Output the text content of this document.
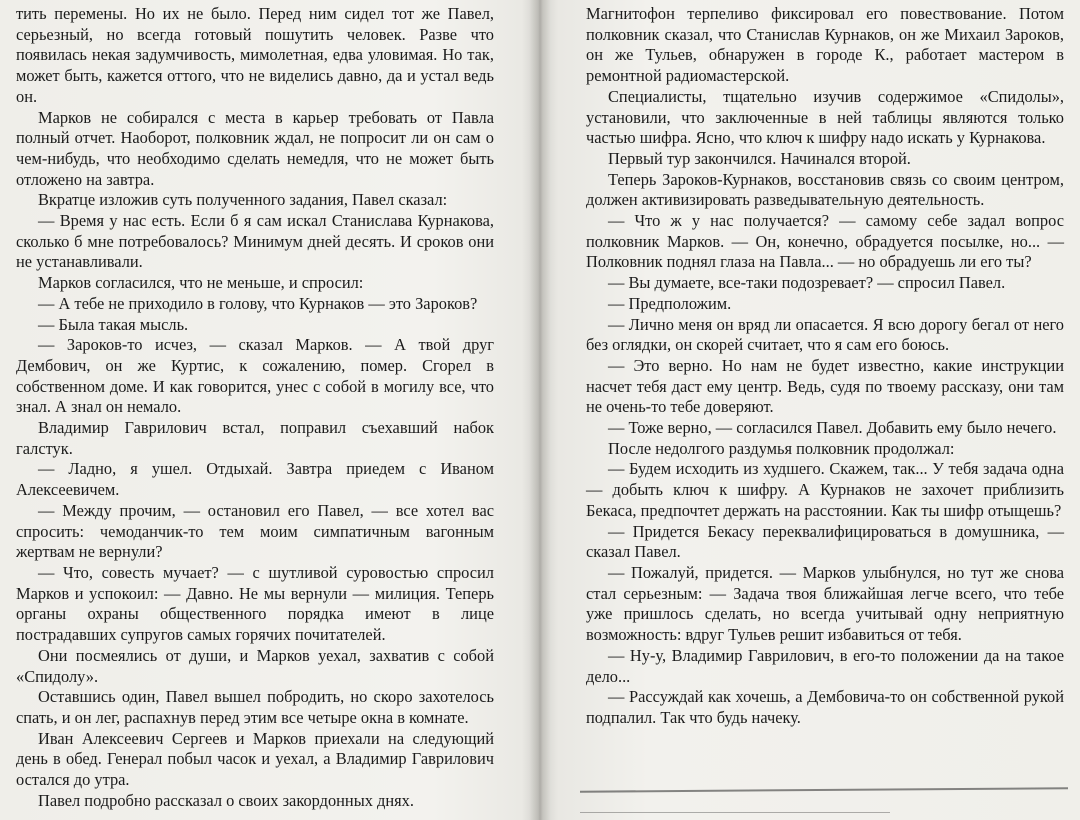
тить перемены. Но их не было. Перед ним сидел тот же Павел, серьезный, но всегда готовый пошутить человек. Разве что появилась некая задумчивость, мимолетная, едва уловимая. Но так, может быть, кажется оттого, что не виделись давно, да и устал ведь он.

Марков не собирался с места в карьер требовать от Павла полный отчет. Наоборот, полковник ждал, не попросит ли он сам о чем-нибудь, что необходимо сделать немедля, что не может быть отложено на завтра.

Вкратце изложив суть полученного задания, Павел сказал:

— Время у нас есть. Если б я сам искал Станислава Курнакова, сколько б мне потребовалось? Минимум дней десять. И сроков они не устанавливали.

Марков согласился, что не меньше, и спросил:

— А тебе не приходило в голову, что Курнаков — это Зароков?

— Была такая мысль.

— Зароков-то исчез, — сказал Марков. — А твой друг Дембович, он же Куртис, к сожалению, помер. Сгорел в собственном доме. И как говорится, унес с собой в могилу все, что знал. А знал он немало.

Владимир Гаврилович встал, поправил съехавший набок галстук.

— Ладно, я ушел. Отдыхай. Завтра приедем с Иваном Алексеевичем.

— Между прочим, — остановил его Павел, — все хотел вас спросить: чемоданчик-то тем моим симпатичным вагонным жертвам не вернули?

— Что, совесть мучает? — с шутливой суровостью спросил Марков и успокоил: — Давно. Не мы вернули — милиция. Теперь органы охраны общественного порядка имеют в лице пострадавших супругов самых горячих почитателей.

Они посмеялись от души, и Марков уехал, захватив с собой «Спидолу».

Оставшись один, Павел вышел побродить, но скоро захотелось спать, и он лег, распахнув перед этим все четыре окна в комнате.

Иван Алексеевич Сергеев и Марков приехали на следующий день в обед. Генерал побыл часок и уехал, а Владимир Гаврилович остался до утра.

Павел подробно рассказал о своих закордонных днях.

Магнитофон терпеливо фиксировал его повествование. Потом полковник сказал, что Станислав Курнаков, он же Михаил Зароков, он же Тульев, обнаружен в городе К., работает мастером в ремонтной радиомастерской.

Специалисты, тщательно изучив содержимое «Спидолы», установили, что заключенные в ней таблицы являются только частью шифра. Ясно, что ключ к шифру надо искать у Курнакова.

Первый тур закончился. Начинался второй.

Теперь Зароков-Курнаков, восстановив связь со своим центром, должен активизировать разведывательную деятельность.

— Что ж у нас получается? — самому себе задал вопрос полковник Марков. — Он, конечно, обрадуется посылке, но... — Полковник поднял глаза на Павла... — но обрадуешь ли его ты?

— Вы думаете, все-таки подозревает? — спросил Павел.

— Предположим.

— Лично меня он вряд ли опасается. Я всю дорогу бегал от него без оглядки, он скорей считает, что я сам его боюсь.

— Это верно. Но нам не будет известно, какие инструкции насчет тебя даст ему центр. Ведь, судя по твоему рассказу, они там не очень-то тебе доверяют.

— Тоже верно, — согласился Павел. Добавить ему было нечего.

После недолгого раздумья полковник продолжал:

— Будем исходить из худшего. Скажем, так... У тебя задача одна — добыть ключ к шифру. А Курнаков не захочет приблизить Бекаса, предпочтет держать на расстоянии. Как ты шифр отыщешь?

— Придется Бекасу переквалифицироваться в домушника, — сказал Павел.

— Пожалуй, придется. — Марков улыбнулся, но тут же снова стал серьезным: — Задача твоя ближайшая легче всего, что тебе уже пришлось сделать, но всегда учитывай одну неприятную возможность: вдруг Тульев решит избавиться от тебя.

— Ну-у, Владимир Гаврилович, в его-то положении да на такое дело...

— Рассуждай как хочешь, а Дембовича-то он собственной рукой подпалил. Так что будь начеку.
